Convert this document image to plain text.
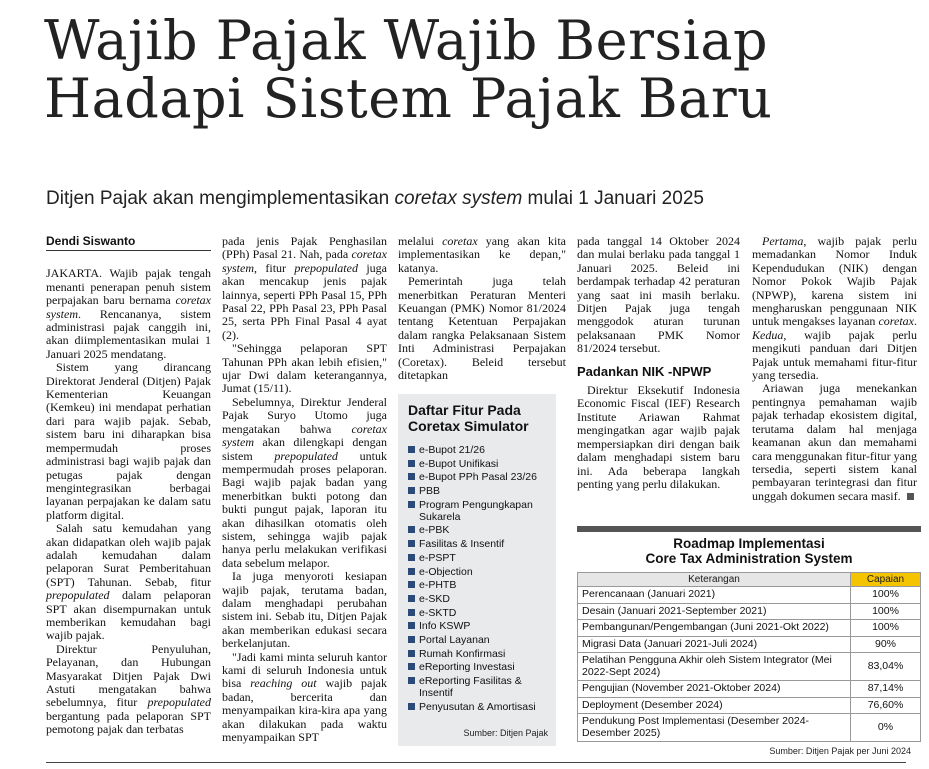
Wajib Pajak Wajib Bersiap
Hadapi Sistem Pajak Baru
Ditjen Pajak akan mengimplementasikan coretax system mulai 1 Januari 2025
Dendi Siswanto

JAKARTA. Wajib pajak tengah menanti penerapan penuh sistem perpajakan baru bernama coretax system. Rencananya, sistem administrasi pajak canggih ini, akan diimplementasikan mulai 1 Januari 2025 mendatang.

Sistem yang dirancang Direktorat Jenderal (Ditjen) Pajak Kementerian Keuangan (Kemkeu) ini mendapat perhatian dari para wajib pajak. Sebab, sistem baru ini diharapkan bisa mempermudah proses administrasi bagi wajib pajak dan petugas pajak dengan mengintegrasikan berbagai layanan perpajakan ke dalam satu platform digital.

Salah satu kemudahan yang akan didapatkan oleh wajib pajak adalah kemudahan dalam pelaporan Surat Pemberitahuan (SPT) Tahunan. Sebab, fitur prepopulated dalam pelaporan SPT akan disempurnakan untuk memberikan kemudahan bagi wajib pajak.

Direktur Penyuluhan, Pelayanan, dan Hubungan Masyarakat Ditjen Pajak Dwi Astuti mengatakan bahwa sebelumnya, fitur prepopulated bergantung pada pelaporan SPT pemotong pajak dan terbatas

pada jenis Pajak Penghasilan (PPh) Pasal 21. Nah, pada coretax system, fitur prepopulated juga akan mencakup jenis pajak lainnya, seperti PPh Pasal 15, PPh Pasal 22, PPh Pasal 23, PPh Pasal 25, serta PPh Final Pasal 4 ayat (2).

"Sehingga pelaporan SPT Tahunan PPh akan lebih efisien," ujar Dwi dalam keterangannya, Jumat (15/11).

Sebelumnya, Direktur Jenderal Pajak Suryo Utomo juga mengatakan bahwa coretax system akan dilengkapi dengan sistem prepopulated untuk mempermudah proses pelaporan. Bagi wajib pajak badan yang menerbitkan bukti potong dan bukti pungut pajak, laporan itu akan dihasilkan otomatis oleh sistem, sehingga wajib pajak hanya perlu melakukan verifikasi data sebelum melapor.

Ia juga menyoroti kesiapan wajib pajak, terutama badan, dalam menghadapi perubahan sistem ini. Sebab itu, Ditjen Pajak akan memberikan edukasi secara berkelanjutan.

"Jadi kami minta seluruh kantor kami di seluruh Indonesia untuk bisa reaching out wajib pajak badan, bercerita dan menyampaikan kira-kira apa yang akan dilakukan pada waktu menyampaikan SPT

melalui coretax yang akan kita implementasikan ke depan," katanya.

Pemerintah juga telah menerbitkan Peraturan Menteri Keuangan (PMK) Nomor 81/2024 tentang Ketentuan Perpajakan dalam rangka Pelaksanaan Sistem Inti Administrasi Perpajakan (Coretax). Beleid tersebut ditetapkan

Daftar Fitur Pada Coretax Simulator
e-Bupot 21/26
e-Bupot Unifikasi
e-Bupot PPh Pasal 23/26
PBB
Program Pengungkapan Sukarela
e-PBK
Fasilitas & Insentif
e-PSPT
e-Objection
e-PHTB
e-SKD
e-SKTD
Info KSWP
Portal Layanan
Rumah Konfirmasi
eReporting Investasi
eReporting Fasilitas & Insentif
Penyusutan & Amortisasi
Sumber: Ditjen Pajak

pada tanggal 14 Oktober 2024 dan mulai berlaku pada tanggal 1 Januari 2025. Beleid ini berdampak terhadap 42 peraturan yang saat ini masih berlaku. Ditjen Pajak juga tengah menggodok aturan turunan pelaksanaan PMK Nomor 81/2024 tersebut.

Padankan NIK -NPWP

Direktur Eksekutif Indonesia Economic Fiscal (IEF) Research Institute Ariawan Rahmat mengingatkan agar wajib pajak mempersiapkan diri dengan baik dalam menghadapi sistem baru ini. Ada beberapa langkah penting yang perlu dilakukan.

Pertama, wajib pajak perlu memadankan Nomor Induk Kependudukan (NIK) dengan Nomor Pokok Wajib Pajak (NPWP), karena sistem ini mengharuskan penggunaan NIK untuk mengakses layanan coretax. Kedua, wajib pajak perlu mengikuti panduan dari Ditjen Pajak untuk memahami fitur-fitur yang tersedia.

Ariawan juga menekankan pentingnya pemahaman wajib pajak terhadap ekosistem digital, terutama dalam hal menjaga keamanan akun dan memahami cara menggunakan fitur-fitur yang tersedia, seperti sistem kanal pembayaran terintegrasi dan fitur unggah dokumen secara masif.

Roadmap Implementasi
Core Tax Administration System
Keterangan	Capaian
Perencanaan (Januari 2021)	100%
Desain (Januari 2021-September 2021)	100%
Pembangunan/Pengembangan (Juni 2021-Okt 2022)	100%
Migrasi Data (Januari 2021-Juli 2024)	90%
Pelatihan Pengguna Akhir oleh Sistem Integrator (Mei 2022-Sept 2024)	83,04%
Pengujian (November 2021-Oktober 2024)	87,14%
Deployment (Desember 2024)	76,60%
Pendukung Post Implementasi (Desember 2024-Desember 2025)	0%
Sumber: Ditjen Pajak per Juni 2024
